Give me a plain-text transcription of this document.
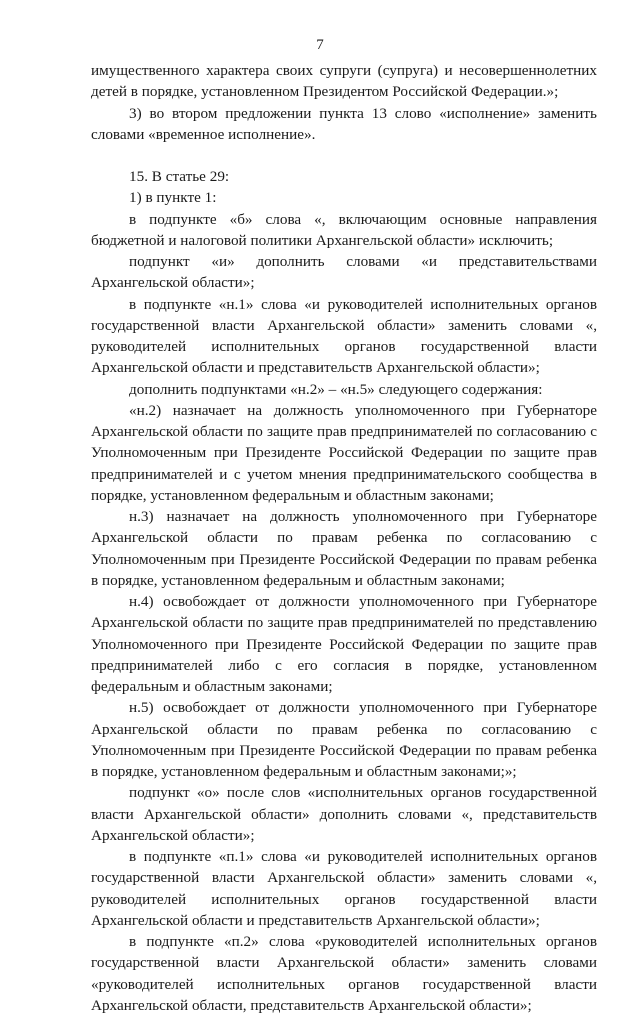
7

имущественного характера своих супруги (супруга) и несовершеннолетних детей в порядке, установленном Президентом Российской Федерации.»;

3) во втором предложении пункта 13 слово «исполнение» заменить словами «временное исполнение».

15. В статье 29:

1) в пункте 1:

в подпункте «б» слова «, включающим основные направления бюджетной и налоговой политики Архангельской области» исключить;

подпункт «и» дополнить словами «и представительствами Архангельской области»;

в подпункте «н.1» слова «и руководителей исполнительных органов государственной власти Архангельской области» заменить словами «, руководителей исполнительных органов государственной власти Архангельской области и представительств Архангельской области»;

дополнить подпунктами «н.2» – «н.5» следующего содержания:

«н.2) назначает на должность уполномоченного при Губернаторе Архангельской области по защите прав предпринимателей по согласованию с Уполномоченным при Президенте Российской Федерации по защите прав предпринимателей и с учетом мнения предпринимательского сообщества в порядке, установленном федеральным и областным законами;

н.3) назначает на должность уполномоченного при Губернаторе Архангельской области по правам ребенка по согласованию с Уполномоченным при Президенте Российской Федерации по правам ребенка в порядке, установленном федеральным и областным законами;

н.4) освобождает от должности уполномоченного при Губернаторе Архангельской области по защите прав предпринимателей по представлению Уполномоченного при Президенте Российской Федерации по защите прав предпринимателей либо с его согласия в порядке, установленном федеральным и областным законами;

н.5) освобождает от должности уполномоченного при Губернаторе Архангельской области по правам ребенка по согласованию с Уполномоченным при Президенте Российской Федерации по правам ребенка в порядке, установленном федеральным и областным законами;»;

подпункт «о» после слов «исполнительных органов государственной власти Архангельской области» дополнить словами «, представительств Архангельской области»;

в подпункте «п.1» слова «и руководителей исполнительных органов государственной власти Архангельской области» заменить словами «, руководителей исполнительных органов государственной власти Архангельской области и представительств Архангельской области»;

в подпункте «п.2» слова «руководителей исполнительных органов государственной власти Архангельской области» заменить словами «руководителей исполнительных органов государственной власти Архангельской области, представительств Архангельской области»;
